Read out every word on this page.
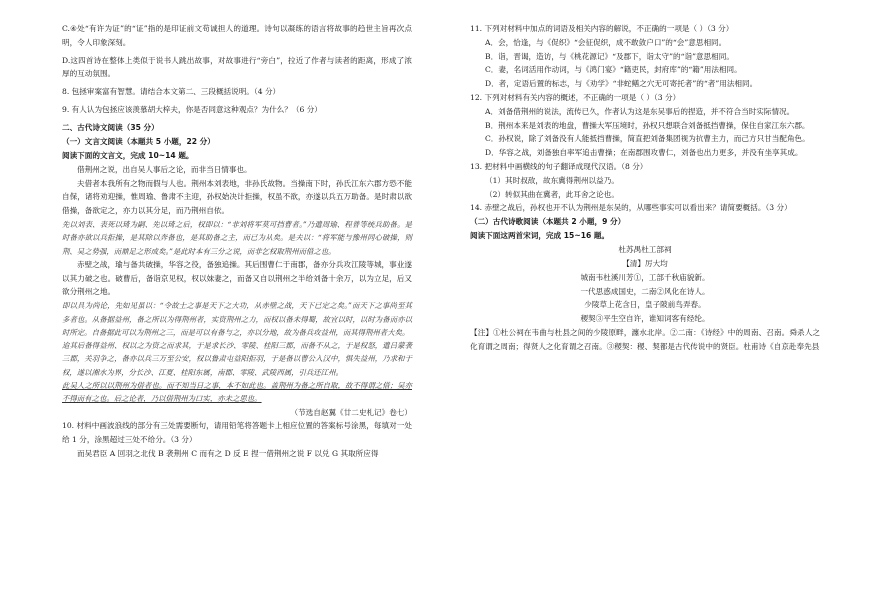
C.④处“有许为证”的“证”指的是印证前文苟诚担人的道理。诗句以凝练的语言将故事的趋世主旨再次点明，令人印象深刻。

D.这四首诗在整体上类似于说书人跳出故事，对故事进行“旁白”，拉近了作者与读者的距离，形成了浓厚的互动氛围。

8. 包拯审案富有智慧。请结合本文第二、三段概括说明。（4 分）

9. 有人认为包拯应该羡慕胡大梓夫，你是否同意这种观点？为什么？（6 分）

二、古代诗文阅读（35 分）

（一）文言文阅读（本题共 5 小题，22 分）

阅读下面的文言文，完成 10~14 题。

借荆州之说，出自吴人事后之论，而非当日情事也。

夫借者本我所有之物而假与人也。荆州本刘表地，非孙氏故物。当操南下时，孙氏江东六郡方恐不能自保，诸将劝迎操，惟周瑜、鲁肃不主迎，孙权始决计拒操，权虽不欲，亦遂以兵五万助备。是时肃以欲借操，备欲定之，亦力以其分足，而乃荆州自依。

先以刘表、表死以琦为嗣、先以琦之后，权即以：“非刘将军莫可挡曹者。”乃遣周瑜、程普等统兵助备。是时备亦欲以兵拒操，是其除以奔备也，是其助备之主，而已为从矣。是夫以：“将军能与豫州同心破操，则荆、吴之势强，而鼎足之形成矣。”是此时本有三分之说，而非乞权取荆州而借之也。

赤壁之战，瑜与备共破操，华容之役，备独追操。其后围曹仁于南郡，备亦分兵攻江陵等城，事业遂以其力破之也。破曹后，备诣京见权，权以妹妻之，而备又自以荆州之半给刘备十余万，以为立足，后又欲分荆州之地。

即以具为尚论，先如见虽以：“令故士之事是天下之大功，从赤壁之战，天下已定之矣。”而天下之事尚至其多者也。从备据益州，备之所以为得荆州者，实资荆州之力，而权以备未得蜀，故宜以时，以时为备而亦以时所定。自备据此可以为荆州之三，而是可以有备与之，亦以分地，故为备兵攻益州，而其得荆州者大矣。

迨其后备得益州、权以之为资之而求其，于是求长沙、零陵、桂阳三郡，而备不从之，于是权怒，遣吕蒙袭三郡，关羽争之，备亦以兵三万至公安，权以鲁肃屯益阳拒羽，于是备以曹公入汉中，惧失益州，乃求和于权，遂以湘水为界，分长沙、江夏、桂阳东属，南郡、零陵、武陵西属，引兵还江州。

此吴人之所以以荆州为借者也。而不知当日之事，本不如此也。盖荆州为备之所自取，故不得谓之借；吴亦不得而有之也。后之论者，乃以借荆州为口实，亦未之思也。

（节选自赵翼《廿二史札记》卷七）

10. 材料中画波浪线的部分有三处需要断句，请用铅笔将答题卡上相应位置的答案标号涂黑，每填对一处给 1 分，涂黑超过三处不给分。（3 分）

而吴君臣 A 回羽之北伐 B 袭荆州 C 而有之 D 反 E 捏一借荆州之说 F 以兑 G 其取所应得

11. 下列对材料中加点的词语及相关内容的解说，不正确的一项是（ ）（3 分）

A．会，恰逢，与《促织》“会征促织，成不敢敛户口”的“会”意思相同。

B．诣，晋谒，造访，与《桃花源记》“及郡下，诣太守”的“诣”意思相同。

C．妻，名词活用作动词，与《鸿门宴》“籍吏民，封府库”的“籍”用法相同。

D．者，定语后置的标志，与《劝学》“非蛇鳝之穴无可寄托者”的“者”用法相同。

12. 下列对材料有关内容的概述，不正确的一项是（ ）（3 分）

A．刘备借荆州的说法，流传已久，作者认为这是东吴事后的捏造，并不符合当时实际情况。

B．荆州本来是刘表的地盘，曹操大军压境时，孙权只想联合刘备抵挡曹操，保住自家江东六郡。

C．孙权说，除了刘备没有人能抵挡曹操，简直把刘备集团视为抗曹主力，而己方只甘当配角色。

D．华容之战，刘备独自率军追击曹操；在南郡围攻曹仁，刘备也出力更多，并没有坐享其成。

13. 把材料中画横线的句子翻译成现代汉语。（8 分）

（1）其时叔敌，故东冀得荆州以益乃。

（2）转似其曲在冀者，此耳舍之论也。

14. 赤壁之战后，孙权也开不认为荆州是东吴的，从哪些事实可以看出来？请简要概括。（3 分）

（二）古代诗歌阅读（本题共 2 小题，9 分）

阅读下面这两首宋词，完成 15~16 题。

杜苏禺杜工部祠

【清】厉大均

城南韦杜溪川芳①，工部千秋庙貌新。

一代思惑成国史，二南②风化在诗人。

少陵草上花含日，皇子陂前鸟弄春。

稷契③平生空自许，谁知词客有经纶。

【注】①杜公祠在韦曲与杜县之间的少陵原畔，瀍水北岸。②二南：《诗经》中的周南、召南。舜杀人之化育谓之周南；得贤人之化育谓之召南。③稷契：稷、契都是古代传说中的贤臣。杜甫诗《自京赴奉先县
